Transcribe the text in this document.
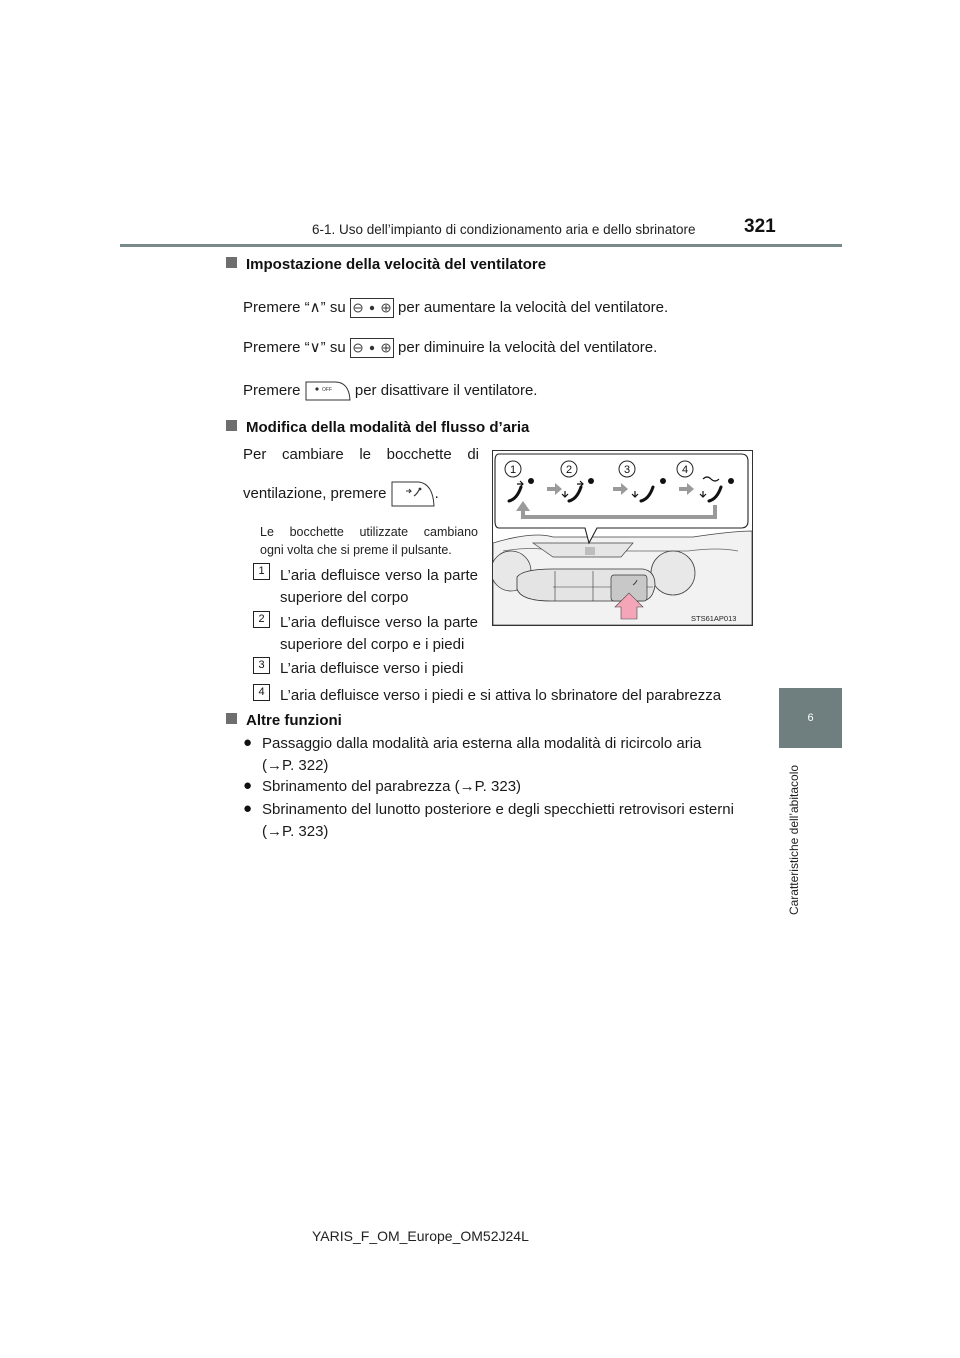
6-1. Uso dell’impianto di condizionamento aria e dello sbrinatore	321
6
Caratteristiche dell’abitacolo
Impostazione della velocità del ventilatore
Premere “∧” su	per aumentare la velocità del ventilatore.
Premere “∨” su	per diminuire la velocità del ventilatore.
Premere	OFF per disattivare il ventilatore.
Modifica della modalità del flusso d’aria
Per cambiare le bocchette di
ventilazione, premere	.
Le bocchette utilizzate cambiano
ogni volta che si preme il pulsante.
1	L’aria defluisce verso la parte
superiore del corpo
2	L’aria defluisce verso la parte
superiore del corpo e i piedi
3	L’aria defluisce verso i piedi
4	L’aria defluisce verso i piedi e si attiva lo sbrinatore del parabrezza
1	2	3	4
STS61AP013
Altre funzioni
● Passaggio dalla modalità aria esterna alla modalità di ricircolo aria
(→P. 322)
● Sbrinamento del parabrezza (→P. 323)
● Sbrinamento del lunotto posteriore e degli specchietti retrovisori esterni
(→P. 323)
YARIS_F_OM_Europe_OM52J24L
